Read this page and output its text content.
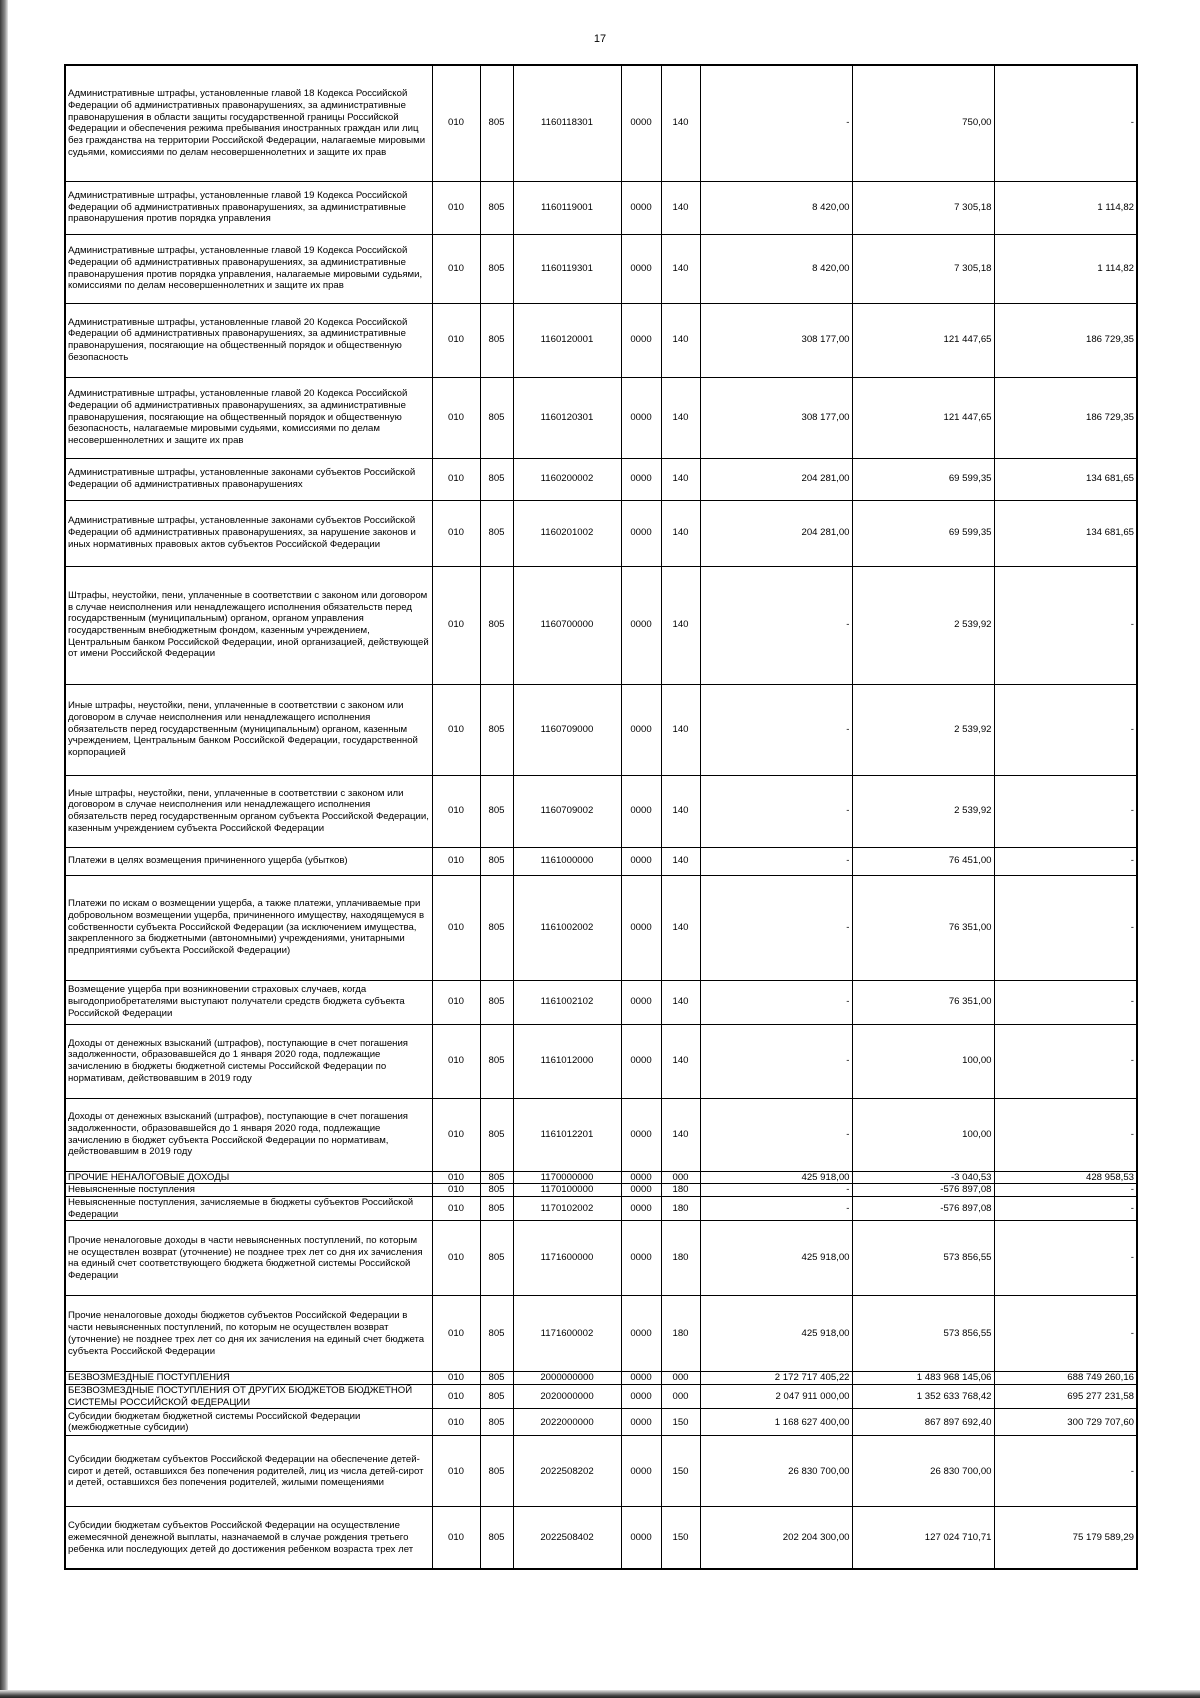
17
Административные штрафы, установленные главой 18 Кодекса Российской Федерации об административных правонарушениях, за административные правонарушения в области защиты государственной границы Российской Федерации и обеспечения режима пребывания иностранных граждан или лиц без гражданства на территории Российской Федерации, налагаемые мировыми судьями, комиссиями по делам несовершеннолетних и защите их прав	010	805	1160118301	0000	140	-	750,00	-
Административные штрафы, установленные главой 19 Кодекса Российской Федерации об административных правонарушениях, за административные правонарушения против порядка управления	010	805	1160119001	0000	140	8 420,00	7 305,18	1 114,82
Административные штрафы, установленные главой 19 Кодекса Российской Федерации об административных правонарушениях, за административные правонарушения против порядка управления, налагаемые мировыми судьями, комиссиями по делам несовершеннолетних и защите их прав	010	805	1160119301	0000	140	8 420,00	7 305,18	1 114,82
Административные штрафы, установленные главой 20 Кодекса Российской Федерации об административных правонарушениях, за административные правонарушения, посягающие на общественный порядок и общественную безопасность	010	805	1160120001	0000	140	308 177,00	121 447,65	186 729,35
Административные штрафы, установленные главой 20 Кодекса Российской Федерации об административных правонарушениях, за административные правонарушения, посягающие на общественный порядок и общественную безопасность, налагаемые мировыми судьями, комиссиями по делам несовершеннолетних и защите их прав	010	805	1160120301	0000	140	308 177,00	121 447,65	186 729,35
Административные штрафы, установленные законами субъектов Российской Федерации об административных правонарушениях	010	805	1160200002	0000	140	204 281,00	69 599,35	134 681,65
Административные штрафы, установленные законами субъектов Российской Федерации об административных правонарушениях, за нарушение законов и иных нормативных правовых актов субъектов Российской Федерации	010	805	1160201002	0000	140	204 281,00	69 599,35	134 681,65
Штрафы, неустойки, пени, уплаченные в соответствии с законом или договором в случае неисполнения или ненадлежащего исполнения обязательств перед государственным (муниципальным) органом, органом управления государственным внебюджетным фондом, казенным учреждением, Центральным банком Российской Федерации, иной организацией, действующей от имени Российской Федерации	010	805	1160700000	0000	140	-	2 539,92	-
Иные штрафы, неустойки, пени, уплаченные в соответствии с законом или договором в случае неисполнения или ненадлежащего исполнения обязательств перед государственным (муниципальным) органом, казенным учреждением, Центральным банком Российской Федерации, государственной корпорацией	010	805	1160709000	0000	140	-	2 539,92	-
Иные штрафы, неустойки, пени, уплаченные в соответствии с законом или договором в случае неисполнения или ненадлежащего исполнения обязательств перед государственным органом субъекта Российской Федерации, казенным учреждением субъекта Российской Федерации	010	805	1160709002	0000	140	-	2 539,92	-
Платежи в целях возмещения причиненного ущерба (убытков)	010	805	1161000000	0000	140	-	76 451,00	-
Платежи по искам о возмещении ущерба, а также платежи, уплачиваемые при добровольном возмещении ущерба, причиненного имуществу, находящемуся в собственности субъекта Российской Федерации (за исключением имущества, закрепленного за бюджетными (автономными) учреждениями, унитарными предприятиями субъекта Российской Федерации)	010	805	1161002002	0000	140	-	76 351,00	-
Возмещение ущерба при возникновении страховых случаев, когда выгодоприобретателями выступают получатели средств бюджета субъекта Российской Федерации	010	805	1161002102	0000	140	-	76 351,00	-
Доходы от денежных взысканий (штрафов), поступающие в счет погашения задолженности, образовавшейся до 1 января 2020 года, подлежащие зачислению в бюджеты бюджетной системы Российской Федерации по нормативам, действовавшим в 2019 году	010	805	1161012000	0000	140	-	100,00	-
Доходы от денежных взысканий (штрафов), поступающие в счет погашения задолженности, образовавшейся до 1 января 2020 года, подлежащие зачислению в бюджет субъекта Российской Федерации по нормативам, действовавшим в 2019 году	010	805	1161012201	0000	140	-	100,00	-
ПРОЧИЕ НЕНАЛОГОВЫЕ ДОХОДЫ	010	805	1170000000	0000	000	425 918,00	-3 040,53	428 958,53
Невыясненные поступления	010	805	1170100000	0000	180	-	-576 897,08	-
Невыясненные поступления, зачисляемые в бюджеты субъектов Российской Федерации	010	805	1170102002	0000	180	-	-576 897,08	-
Прочие неналоговые доходы в части невыясненных поступлений, по которым не осуществлен возврат (уточнение) не позднее трех лет со дня их зачисления на единый счет соответствующего бюджета бюджетной системы Российской Федерации	010	805	1171600000	0000	180	425 918,00	573 856,55	-
Прочие неналоговые доходы бюджетов субъектов Российской Федерации в части невыясненных поступлений, по которым не осуществлен возврат (уточнение) не позднее трех лет со дня их зачисления на единый счет бюджета субъекта Российской Федерации	010	805	1171600002	0000	180	425 918,00	573 856,55	-
БЕЗВОЗМЕЗДНЫЕ ПОСТУПЛЕНИЯ	010	805	2000000000	0000	000	2 172 717 405,22	1 483 968 145,06	688 749 260,16
БЕЗВОЗМЕЗДНЫЕ ПОСТУПЛЕНИЯ ОТ ДРУГИХ БЮДЖЕТОВ БЮДЖЕТНОЙ СИСТЕМЫ РОССИЙСКОЙ ФЕДЕРАЦИИ	010	805	2020000000	0000	000	2 047 911 000,00	1 352 633 768,42	695 277 231,58
Субсидии бюджетам бюджетной системы Российской Федерации (межбюджетные субсидии)	010	805	2022000000	0000	150	1 168 627 400,00	867 897 692,40	300 729 707,60
Субсидии бюджетам субъектов Российской Федерации на обеспечение детей-сирот и детей, оставшихся без попечения родителей, лиц из числа детей-сирот и детей, оставшихся без попечения родителей, жилыми помещениями	010	805	2022508202	0000	150	26 830 700,00	26 830 700,00	-
Субсидии бюджетам субъектов Российской Федерации на осуществление ежемесячной денежной выплаты, назначаемой в случае рождения третьего ребенка или последующих детей до достижения ребенком возраста трех лет	010	805	2022508402	0000	150	202 204 300,00	127 024 710,71	75 179 589,29
